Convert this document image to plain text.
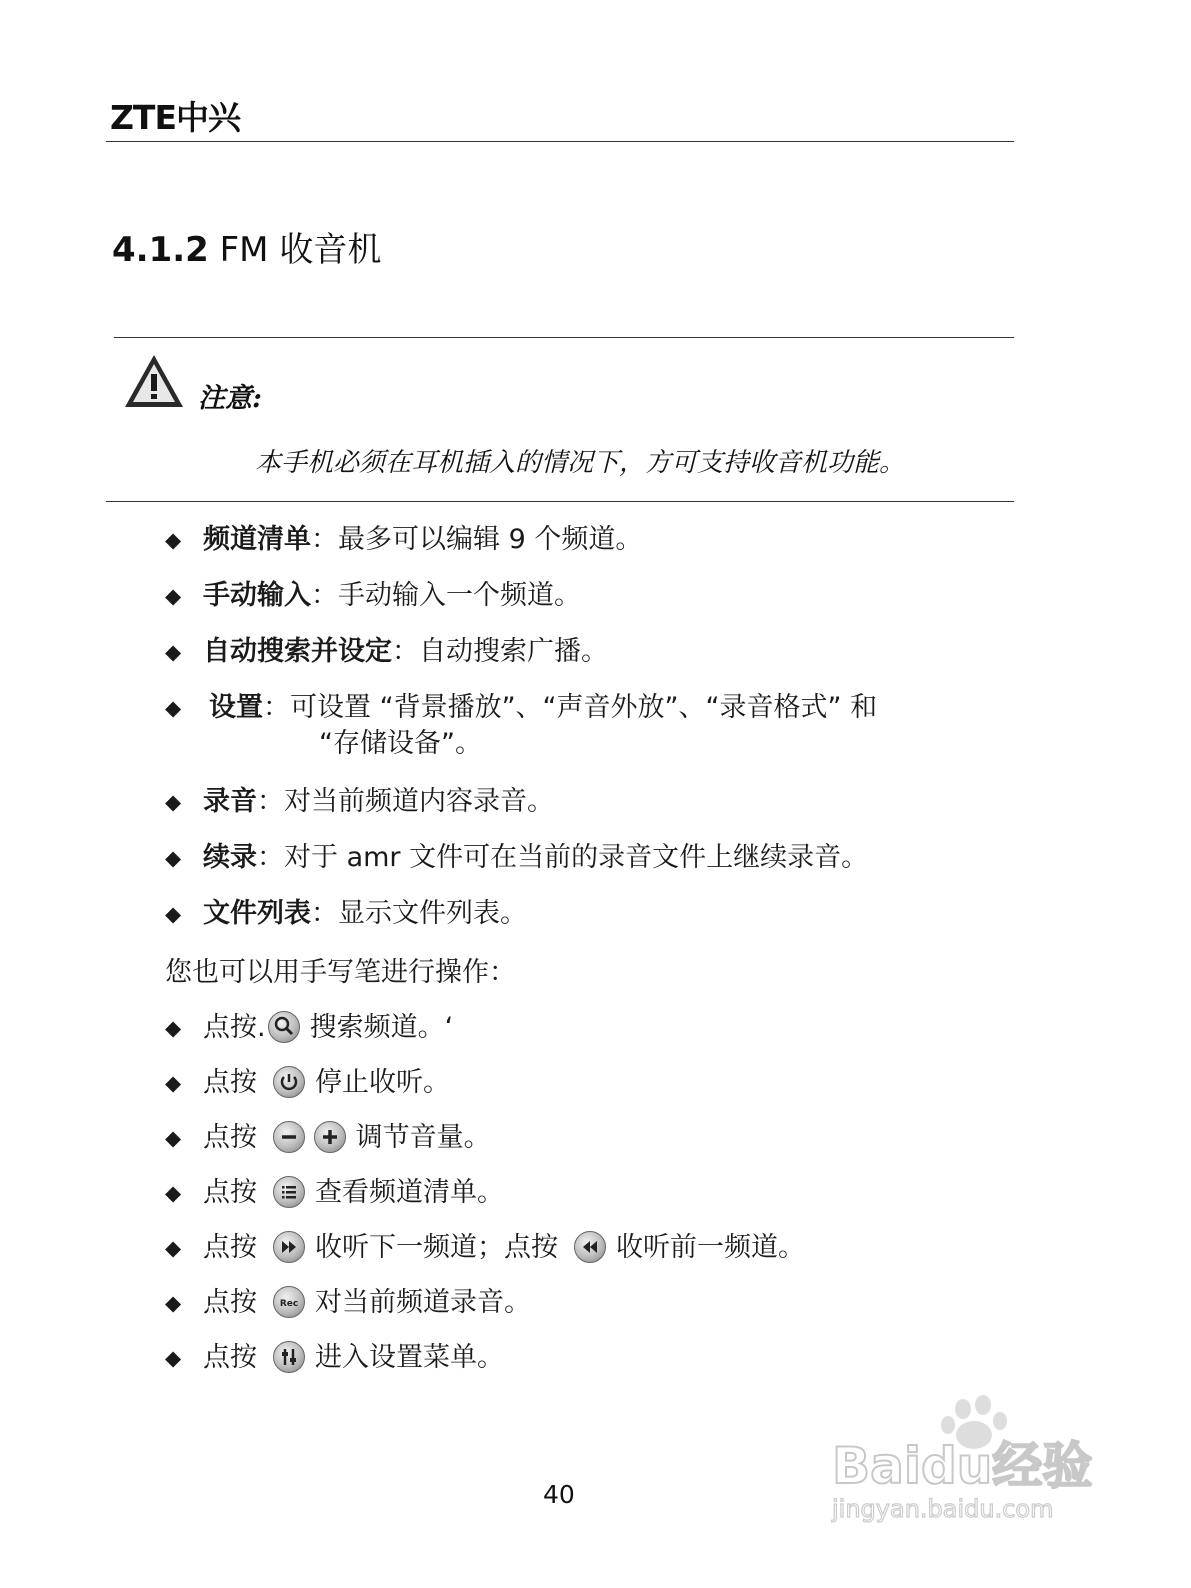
ZTE中兴
4.1.2 FM 收音机
注意:
本手机必须在耳机插入的情况下，方可支持收音机功能。
◆ 频道清单：最多可以编辑 9 个频道。
◆ 手动输入：手动输入一个频道。
◆ 自动搜索并设定：自动搜索广播。
◆ 设置：可设置 “背景播放”、“声音外放”、“录音格式” 和
“存储设备”。
◆ 录音：对当前频道内容录音。
◆ 续录：对于 amr 文件可在当前的录音文件上继续录音。
◆ 文件列表：显示文件列表。
您也可以用手写笔进行操作：
◆ 点按. 搜索频道。‘
◆ 点按 停止收听。
◆ 点按
	调节音量。
◆ 点按 查看频道清单。
◆ 点按 收听下一频道；点按 收听前一频道。
◆ 点按	Rec 对当前频道录音。
◆ 点按 进入设置菜单。
40	Baidu经验
jingyan.baidu.com
